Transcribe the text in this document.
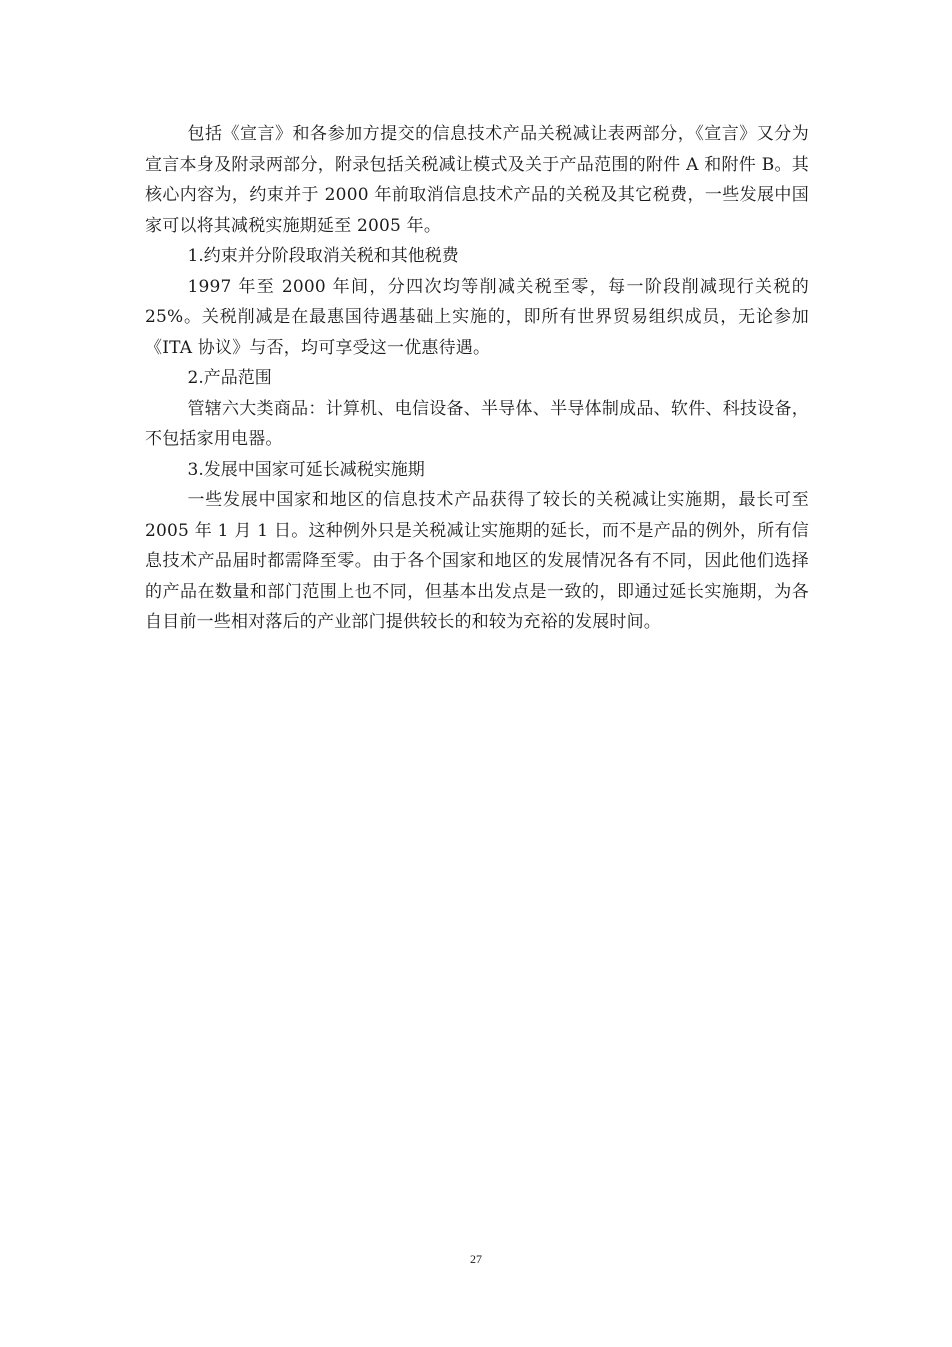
包括《宣言》和各参加方提交的信息技术产品关税减让表两部分，《宣言》又分为宣言本身及附录两部分，附录包括关税减让模式及关于产品范围的附件 A 和附件 B。其核心内容为，约束并于 2000 年前取消信息技术产品的关税及其它税费，一些发展中国家可以将其减税实施期延至 2005 年。

1.约束并分阶段取消关税和其他税费

1997 年至 2000 年间，分四次均等削减关税至零，每一阶段削减现行关税的 25%。关税削减是在最惠国待遇基础上实施的，即所有世界贸易组织成员，无论参加《ITA 协议》与否，均可享受这一优惠待遇。

2.产品范围

管辖六大类商品：计算机、电信设备、半导体、半导体制成品、软件、科技设备，不包括家用电器。

3.发展中国家可延长减税实施期

一些发展中国家和地区的信息技术产品获得了较长的关税减让实施期，最长可至 2005 年 1 月 1 日。这种例外只是关税减让实施期的延长，而不是产品的例外，所有信息技术产品届时都需降至零。由于各个国家和地区的发展情况各有不同，因此他们选择的产品在数量和部门范围上也不同，但基本出发点是一致的，即通过延长实施期，为各自目前一些相对落后的产业部门提供较长的和较为充裕的发展时间。

27
